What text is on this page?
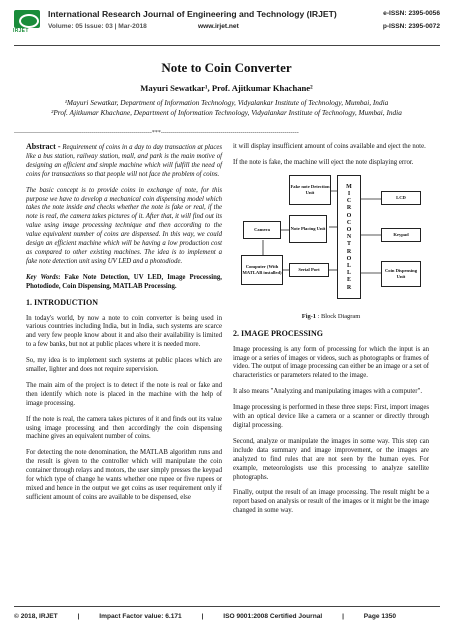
IRJET
International Research Journal of Engineering and Technology (IRJET)
Volume: 05 Issue: 03 | Mar-2018	www.irjet.net
e-ISSN: 2395-0056
p-ISSN: 2395-0072
Note to Coin Converter
Mayuri Sewatkar¹, Prof. Ajitkumar Khachane²
¹Mayuri Sewatkar, Department of Information Technology, Vidyalankar Institute of Technology, Mumbai, India
²Prof. Ajitkumar Khachane, Department of Information Technology, Vidyalankar Institute of Technology, Mumbai, India
---------------------------------------------------------------------***---------------------------------------------------------------------

Abstract - Requirement of coins in a day to day transaction at places like a bus station, railway station, mall, and park is the main motive of designing an efficient and simple machine which will fulfill the need of coins for transactions so that people will not face the problem of coins.

The basic concept is to provide coins in exchange of note, for this purpose we have to develop a mechanical coin dispensing model which takes the note inside and checks whether the note is fake or real, if the note is real, the camera takes pictures of it. After that, it will find out its value using image processing technique and then according to the value equivalent number of coins are dispensed. In this way, we could design an efficient machine which will be having a low production cost as compared to other existing machines. The idea is to implement a fake note detection unit using UV LED and a photodiode.

Key Words: Fake Note Detection, UV LED, Image Processing, Photodiode, Coin Dispensing, MATLAB Processing.

1. INTRODUCTION

In today's world, by now a note to coin converter is being used in various countries including India, but in India, such systems are scarce and very few people know about it and also their availability is limited to a few banks, but not at public places where it is needed more.

So, my idea is to implement such systems at public places which are smaller, lighter and does not require supervision.

The main aim of the project is to detect if the note is real or fake and then identify which note is placed in the machine with the help of image processing.

If the note is real, the camera takes pictures of it and finds out its value using image processing and then accordingly the coin dispensing machine gives an equivalent number of coins.

For detecting the note denomination, the MATLAB algorithm runs and the result is given to the controller which will manipulate the coin container through relays and motors, the user simply presses the keypad for which type of change he wants whether one rupee or five rupees or mixed and hence in the output we get coins as user requirement only if sufficient amount of coins are available to be dispensed, else

it will display insufficient amount of coins available and eject the note.

If the note is fake, the machine will eject the note displaying error.

Fake note Detection Unit
Camera	Note Placing Unit
Computer (With MATLAB installed)
Serial Port
M I C R O C O N T R O L L E R
LCD
Keypad
Coin Dispensing Unit
Fig-1 : Block Diagram
2. IMAGE PROCESSING

Image processing is any form of processing for which the input is an image or a series of images or videos, such as photographs or frames of video. The output of image processing can either be an image or a set of characteristics or parameters related to the image.

It also means "Analyzing and manipulating images with a computer".

Image processing is performed in these three steps: First, import images with an optical device like a camera or a scanner or directly through digital processing.

Second, analyze or manipulate the images in some way. This step can include data summary and image improvement, or the images are analyzed to find rules that are not seen by the human eyes. For example, meteorologists use this processing to analyze satellite photographs.

Finally, output the result of an image processing. The result might be a report based on analysis or result of the images or it might be the image changed in some way.

© 2018, IRJET	|	Impact Factor value: 6.171	|	ISO 9001:2008 Certified Journal	|	Page 1350
